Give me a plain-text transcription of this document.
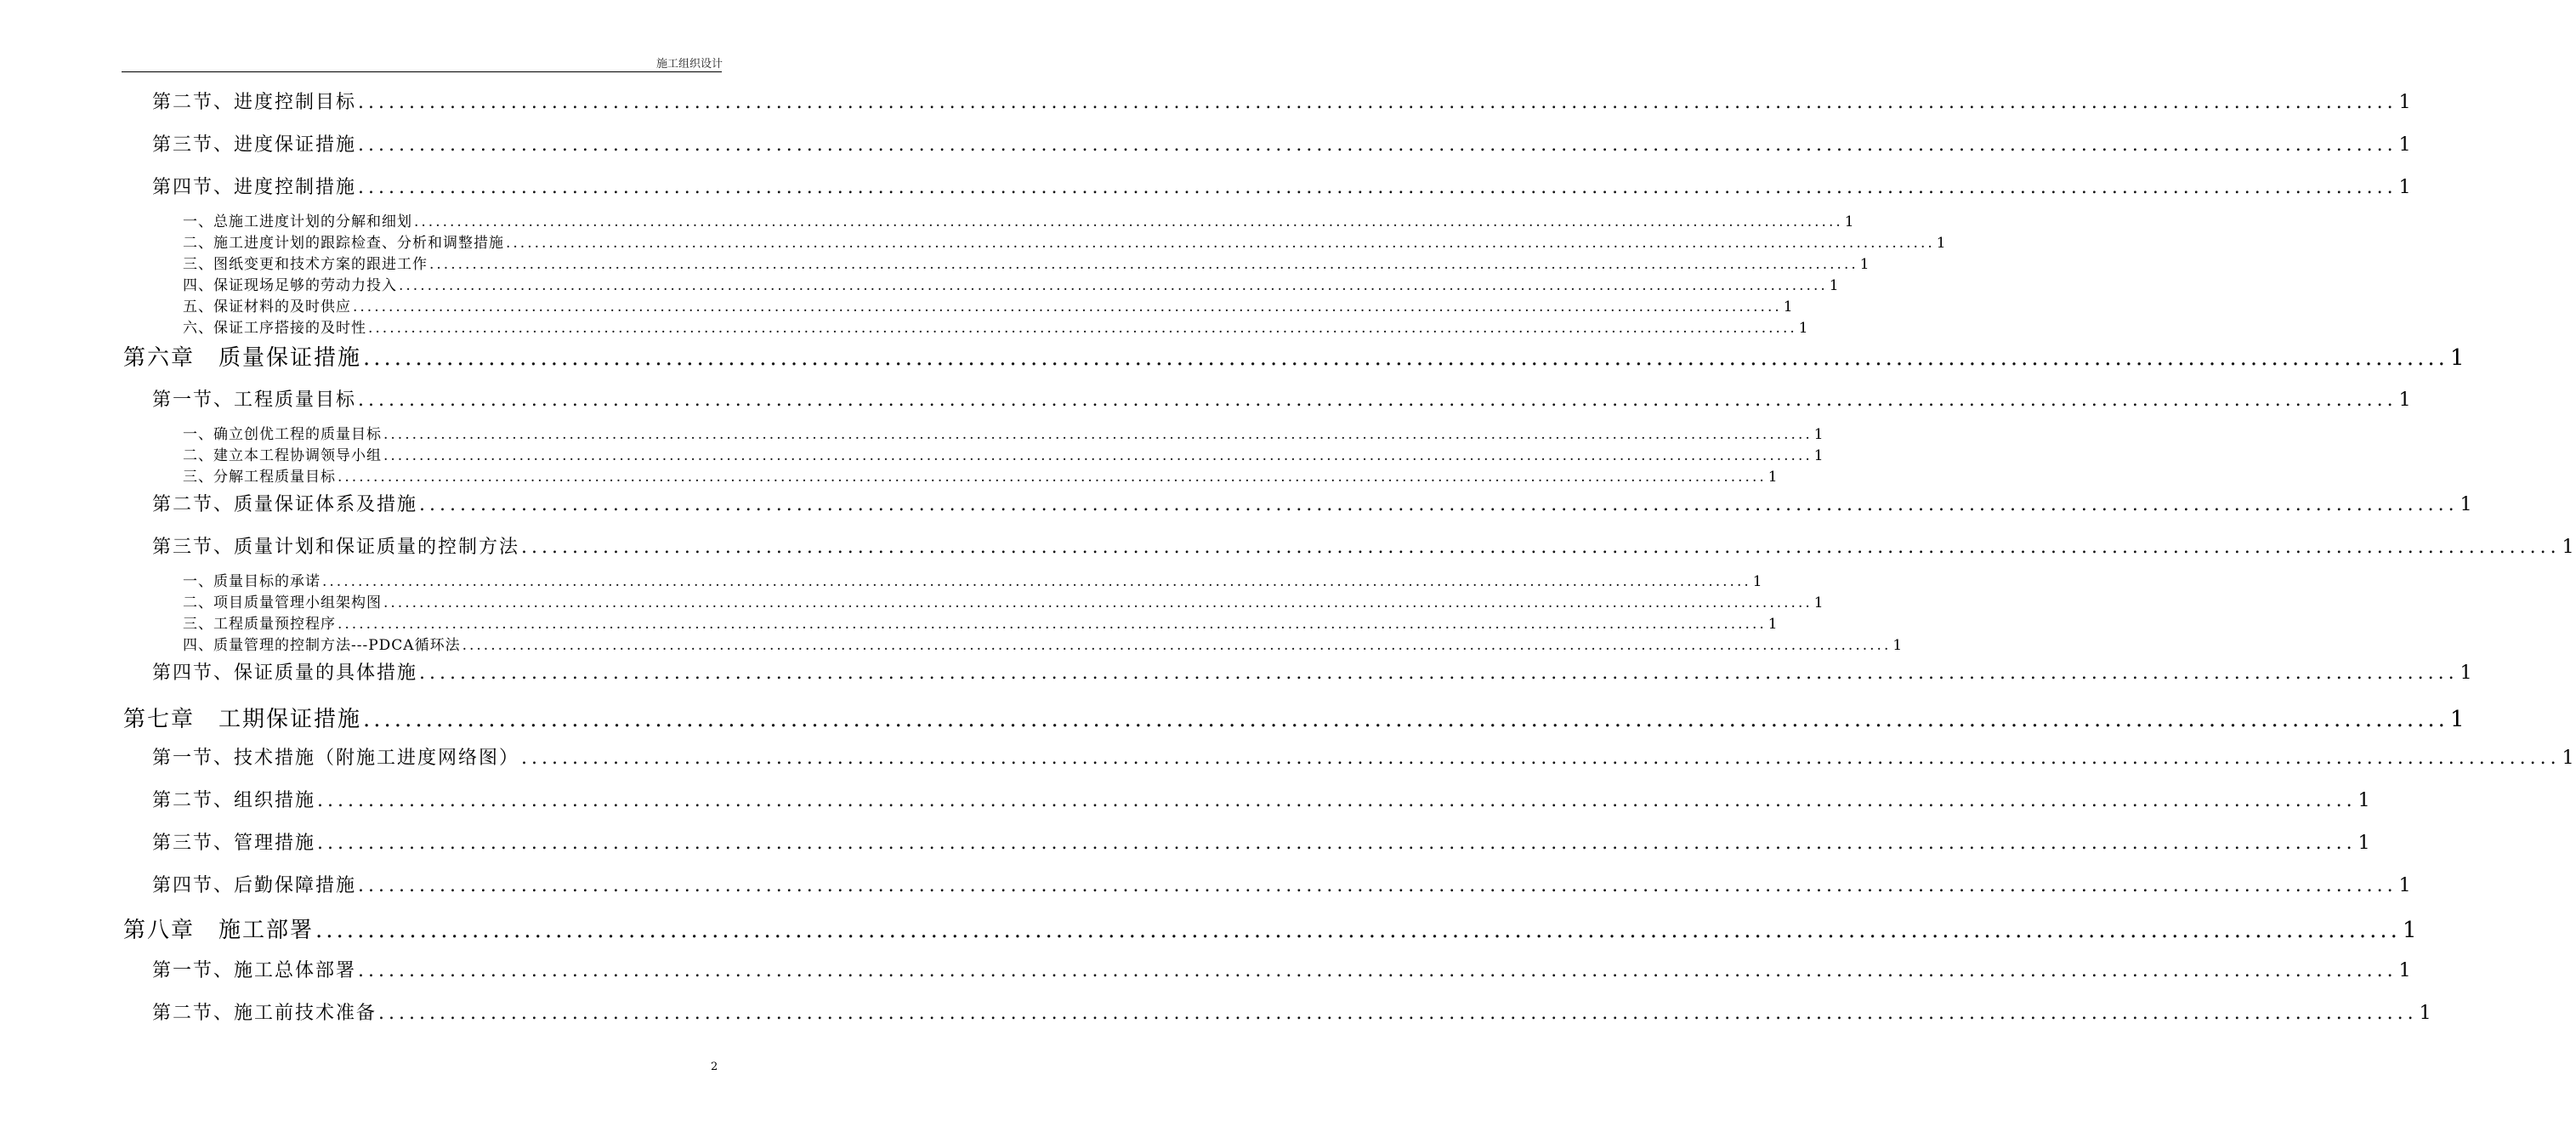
施工组织设计
第二节、进度控制目标 ........................................................................................................................................................................................................ 1
第三节、进度保证措施 ........................................................................................................................................................................................................ 1
第四节、进度控制措施 ........................................................................................................................................................................................................ 1
一、总施工进度计划的分解和细划 ........................................................................................................................................................................................................ 1
二、施工进度计划的跟踪检查、分析和调整措施 ........................................................................................................................................................................................................ 1
三、图纸变更和技术方案的跟进工作 ........................................................................................................................................................................................................ 1
四、保证现场足够的劳动力投入 ........................................................................................................................................................................................................ 1
五、保证材料的及时供应 ........................................................................................................................................................................................................ 1
六、保证工序搭接的及时性 ........................................................................................................................................................................................................ 1
第六章　质量保证措施 ........................................................................................................................................................................................................ 1
第一节、工程质量目标 ........................................................................................................................................................................................................ 1
一、确立创优工程的质量目标 ........................................................................................................................................................................................................ 1
二、建立本工程协调领导小组 ........................................................................................................................................................................................................ 1
三、分解工程质量目标 ........................................................................................................................................................................................................ 1
第二节、质量保证体系及措施 ........................................................................................................................................................................................................ 1
第三节、质量计划和保证质量的控制方法 ........................................................................................................................................................................................................ 1
一、质量目标的承诺 ........................................................................................................................................................................................................ 1
二、项目质量管理小组架构图 ........................................................................................................................................................................................................ 1
三、工程质量预控程序 ........................................................................................................................................................................................................ 1
四、质量管理的控制方法---PDCA循环法 ........................................................................................................................................................................................................ 1
第四节、保证质量的具体措施 ........................................................................................................................................................................................................ 1
第七章　工期保证措施 ........................................................................................................................................................................................................ 1
第一节、技术措施（附施工进度网络图） ........................................................................................................................................................................................................ 1
第二节、组织措施 ........................................................................................................................................................................................................ 1
第三节、管理措施 ........................................................................................................................................................................................................ 1
第四节、后勤保障措施 ........................................................................................................................................................................................................ 1
第八章　施工部署 ........................................................................................................................................................................................................ 1
第一节、施工总体部署 ........................................................................................................................................................................................................ 1
第二节、施工前技术准备 ........................................................................................................................................................................................................ 1
2
